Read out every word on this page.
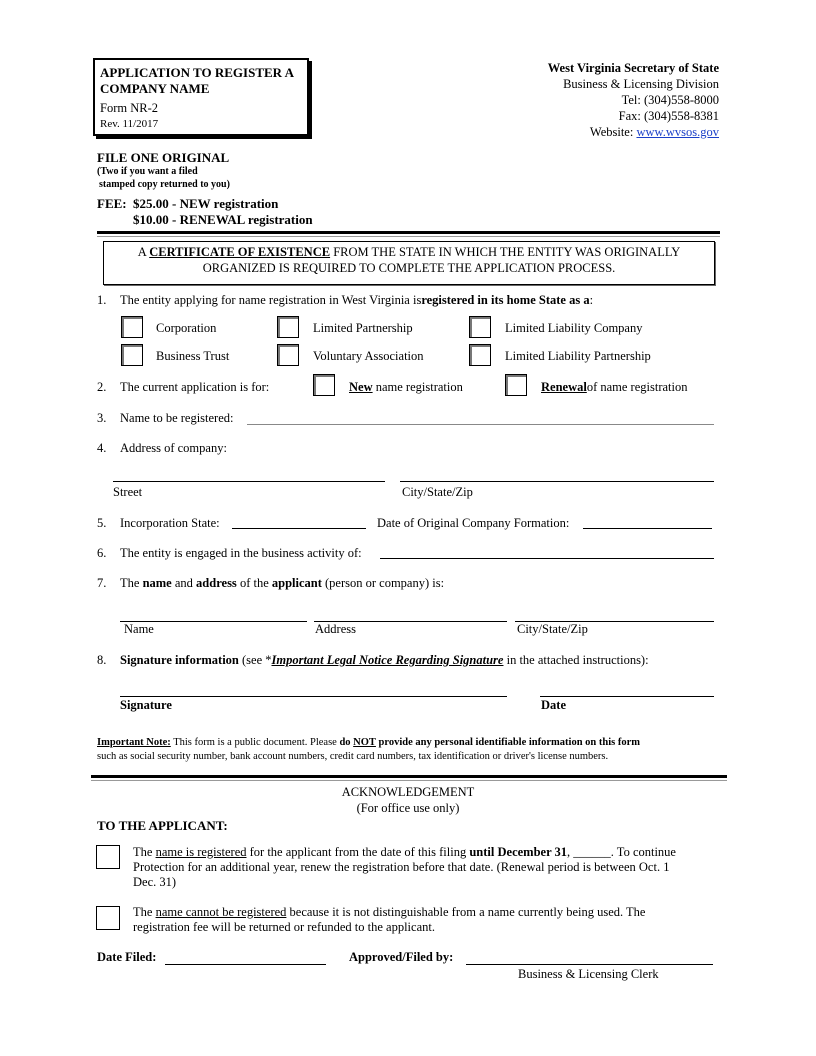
APPLICATION TO REGISTER A
COMPANY NAME
Form NR-2
Rev. 11/2017
West Virginia Secretary of State
Business & Licensing Division
Tel: (304)558-8000
Fax: (304)558-8381
Website: www.wvsos.gov
FILE ONE ORIGINAL
(Two if you want a filed
stamped copy returned to you)
FEE: $25.00 - NEW registration
$10.00 - RENEWAL registration
A CERTIFICATE OF EXISTENCE FROM THE STATE IN WHICH THE ENTITY WAS ORIGINALLY
ORGANIZED IS REQUIRED TO COMPLETE THE APPLICATION PROCESS.
1. The entity applying for name registration in West Virginia isregistered in its home State as a:
Corporation	Limited Partnership	Limited Liability Company
Business Trust	Voluntary Association	Limited Liability Partnership
2. The current application is for:	New name registration	Renewalof name registration
3. Name to be registered:
4. Address of company:
Street	City/State/Zip
5. Incorporation State:	Date of Original Company Formation:
6. The entity is engaged in the business activity of:
7. The name and address of the applicant (person or company) is:
Name	Address	City/State/Zip
8. Signature information (see *Important Legal Notice Regarding Signature in the attached instructions):
Signature	Date
Important Note: This form is a public document. Please do NOT provide any personal identifiable information on this form
such as social security number, bank account numbers, credit card numbers, tax identification or driver's license numbers.
ACKNOWLEDGEMENT
(For office use only)
TO THE APPLICANT:
The name is registered for the applicant from the date of this filing until December 31, ______. To continue
Protection for an additional year, renew the registration before that date. (Renewal period is between Oct. 1
Dec. 31)
The name cannot be registered because it is not distinguishable from a name currently being used. The
registration fee will be returned or refunded to the applicant.
Date Filed:	Approved/Filed by:
Business & Licensing Clerk
